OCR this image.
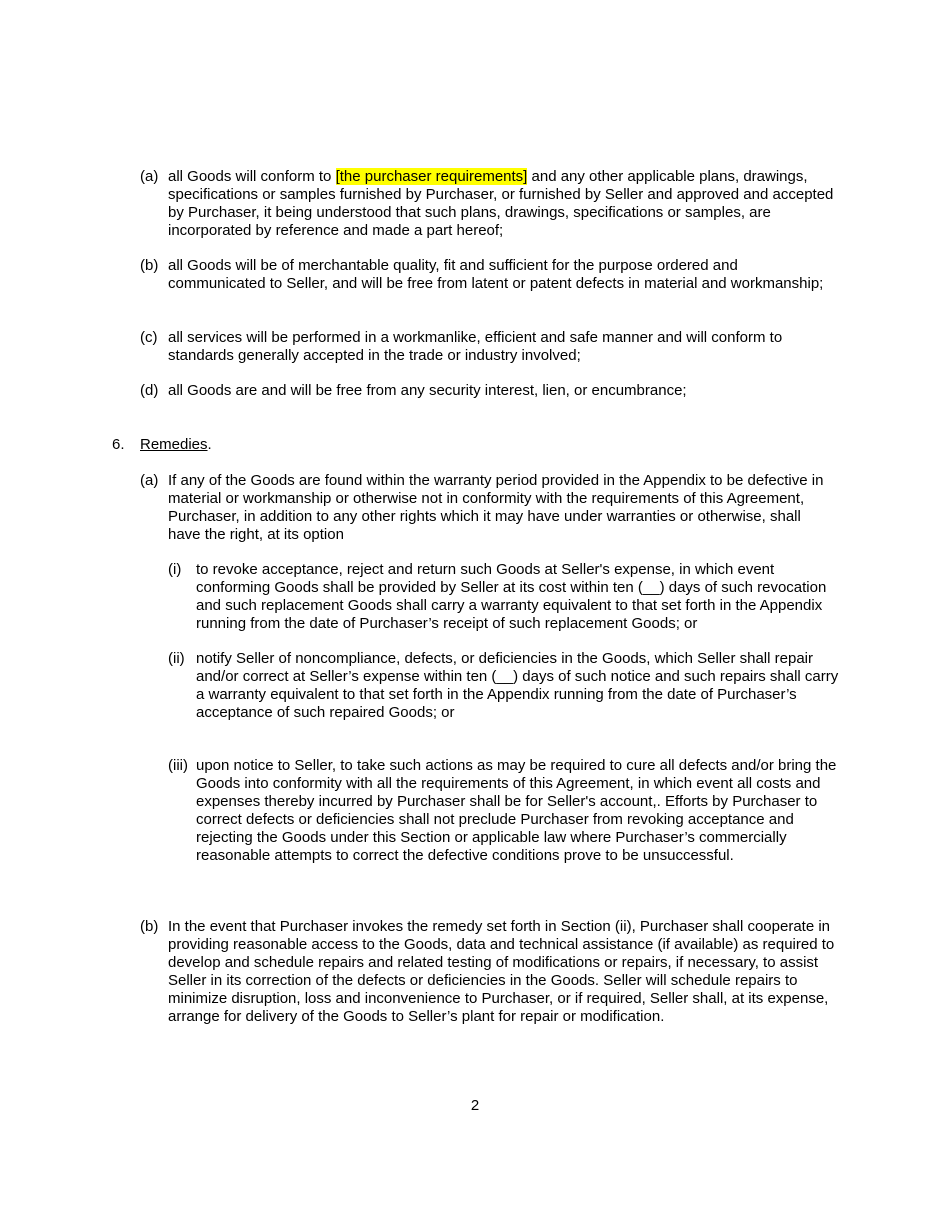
(a) all Goods will conform to [the purchaser requirements] and any other applicable plans, drawings, specifications or samples furnished by Purchaser, or furnished by Seller and approved and accepted by Purchaser, it being understood that such plans, drawings, specifications or samples, are incorporated by reference and made a part hereof;
(b) all Goods will be of merchantable quality, fit and sufficient for the purpose ordered and communicated to Seller, and will be free from latent or patent defects in material and workmanship;
(c) all services will be performed in a workmanlike, efficient and safe manner and will conform to standards generally accepted in the trade or industry involved;
(d) all Goods are and will be free from any security interest, lien, or encumbrance;
6. Remedies.
(a) If any of the Goods are found within the warranty period provided in the Appendix to be defective in material or workmanship or otherwise not in conformity with the requirements of this Agreement, Purchaser, in addition to any other rights which it may have under warranties or otherwise, shall have the right, at its option
(i) to revoke acceptance, reject and return such Goods at Seller's expense, in which event conforming Goods shall be provided by Seller at its cost within ten (__) days of such revocation and such replacement Goods shall carry a warranty equivalent to that set forth in the Appendix running from the date of Purchaser’s receipt of such replacement Goods; or
(ii) notify Seller of noncompliance, defects, or deficiencies in the Goods, which Seller shall repair and/or correct at Seller’s expense within ten (__) days of such notice and such repairs shall carry a warranty equivalent to that set forth in the Appendix running from the date of Purchaser’s acceptance of such repaired Goods; or
(iii) upon notice to Seller, to take such actions as may be required to cure all defects and/or bring the Goods into conformity with all the requirements of this Agreement, in which event all costs and expenses thereby incurred by Purchaser shall be for Seller's account,. Efforts by Purchaser to correct defects or deficiencies shall not preclude Purchaser from revoking acceptance and rejecting the Goods under this Section or applicable law where Purchaser’s commercially reasonable attempts to correct the defective conditions prove to be unsuccessful.
(b) In the event that Purchaser invokes the remedy set forth in Section (ii), Purchaser shall cooperate in providing reasonable access to the Goods, data and technical assistance (if available) as required to develop and schedule repairs and related testing of modifications or repairs, if necessary, to assist Seller in its correction of the defects or deficiencies in the Goods. Seller will schedule repairs to minimize disruption, loss and inconvenience to Purchaser, or if required, Seller shall, at its expense, arrange for delivery of the Goods to Seller’s plant for repair or modification.
2
